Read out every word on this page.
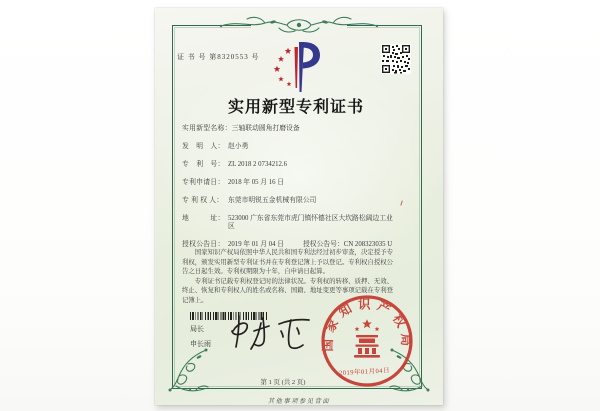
证 书 号 第8320553 号
实用新型专利证书
实用新型名称： 三轴联动圆角打磨设备
发　明　人： 赵小勇
专　利　号： ZL 2018 2 0734212.6
专利申请日： 2018 年 05 月 16 日
专 利 权 人： 东莞市明锐五金机械有限公司
地　　　址： 523000 广东省东莞市虎门镇怀德社区大坎路松阔边工业区
授权公告日： 2019 年 01 月 04 日	授权公告号： CN 208323035 U

国家知识产权局依照中华人民共和国专利法经过初步审查，决定授予专利权，颁发实用新型专利证书并在专利登记簿上予以登记。专利权自授权公告之日起生效。专利权期限为十年，自申请日起算。

专利证书记载专利权登记时的法律状况。专利权的转移、质押、无效、终止、恢复和专利权人的姓名或名称、国籍、地址变更等事项记载在专利登记簿上。

局长
申长雨	国家知识产权局
2019年01月04日
第 1 页 (共 2 页)
其他事项参见背面
